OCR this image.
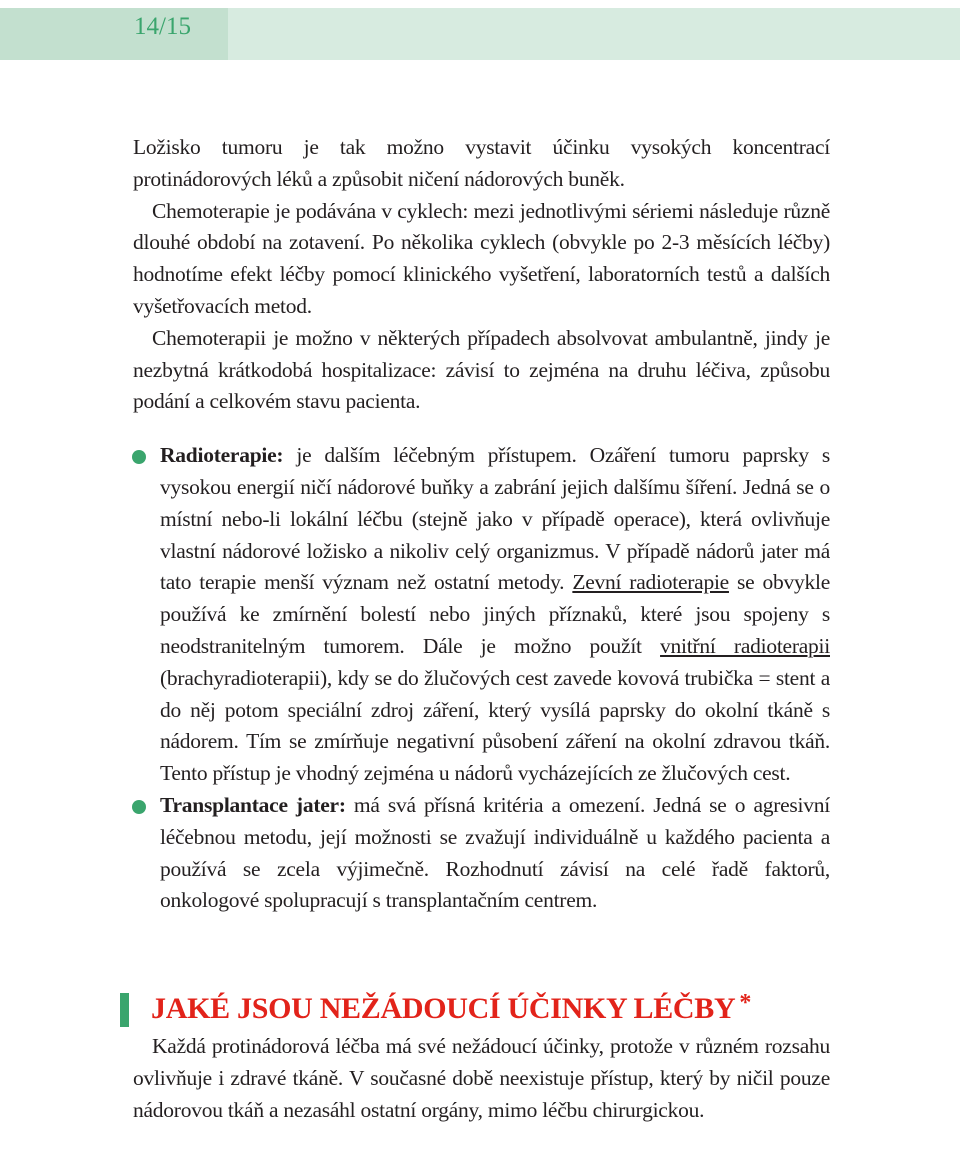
14/15

Ložisko tumoru je tak možno vystavit účinku vysokých koncentrací protinádorových léků a způsobit ničení nádorových buněk.

Chemoterapie je podávána v cyklech: mezi jednotlivými sériemi následuje různě dlouhé období na zotavení. Po několika cyklech (obvykle po 2-3 měsících léčby) hodnotíme efekt léčby pomocí klinického vyšetření, laboratorních testů a dalších vyšetřovacích metod.

Chemoterapii je možno v některých případech absolvovat ambulantně, jindy je nezbytná krátkodobá hospitalizace: závisí to zejména na druhu léčiva, způsobu podání a celkovém stavu pacienta.

Radioterapie: je dalším léčebným přístupem. Ozáření tumoru paprsky s vysokou energií ničí nádorové buňky a zabrání jejich dalšímu šíření. Jedná se o místní nebo-li lokální léčbu (stejně jako v případě operace), která ovlivňuje vlastní nádorové ložisko a nikoliv celý organizmus. V případě nádorů jater má tato terapie menší význam než ostatní metody. Zevní radioterapie se obvykle používá ke zmírnění bolestí nebo jiných příznaků, které jsou spojeny s neodstranitelným tumorem. Dále je možno použít vnitřní radioterapii (brachyradioterapii), kdy se do žlučových cest zavede kovová trubička = stent a do něj potom speciální zdroj záření, který vysílá paprsky do okolní tkáně s nádorem. Tím se zmírňuje negativní působení záření na okolní zdravou tkáň. Tento přístup je vhodný zejména u nádorů vycházejících ze žlučových cest.

Transplantace jater: má svá přísná kritéria a omezení. Jedná se o agresivní léčebnou metodu, její možnosti se zvažují individuálně u každého pacienta a používá se zcela výjimečně. Rozhodnutí závisí na celé řadě faktorů, onkologové spolupracují s transplantačním centrem.

JAKÉ JSOU NEŽÁDOUCÍ ÚČINKY LÉČBY *

Každá protinádorová léčba má své nežádoucí účinky, protože v různém rozsahu ovlivňuje i zdravé tkáně. V současné době neexistuje přístup, který by ničil pouze nádorovou tkáň a nezasáhl ostatní orgány, mimo léčbu chirurgickou.
